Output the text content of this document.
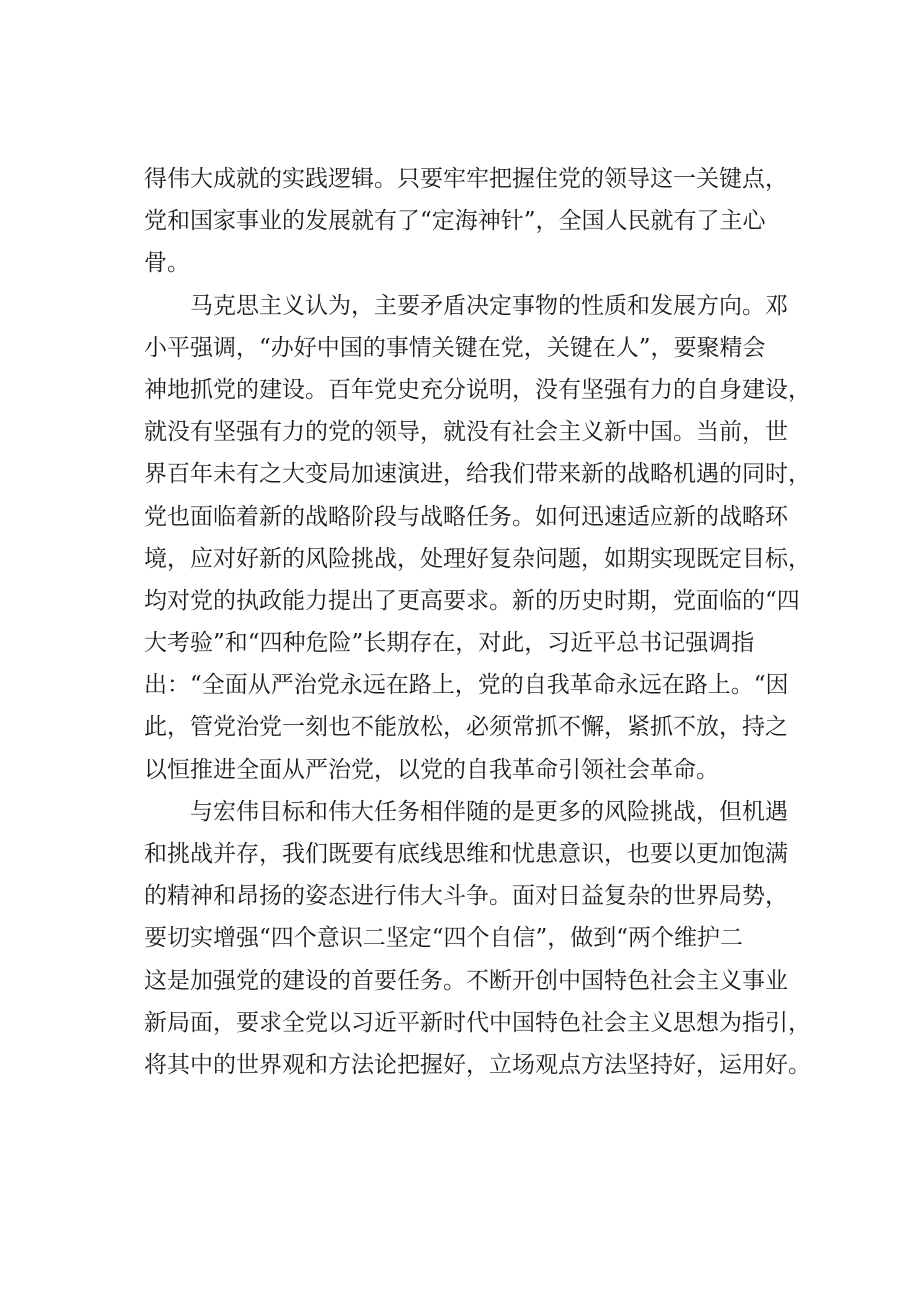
得伟大成就的实践逻辑。只要牢牢把握住党的领导这一关键点，
党和国家事业的发展就有了“定海神针”，全国人民就有了主心
骨。
马克思主义认为，主要矛盾决定事物的性质和发展方向。邓
小平强调，“办好中国的事情关键在党，关键在人”，要聚精会
神地抓党的建设。百年党史充分说明，没有坚强有力的自身建设，
就没有坚强有力的党的领导，就没有社会主义新中国。当前，世
界百年未有之大变局加速演进，给我们带来新的战略机遇的同时，
党也面临着新的战略阶段与战略任务。如何迅速适应新的战略环
境，应对好新的风险挑战，处理好复杂问题，如期实现既定目标，
均对党的执政能力提出了更高要求。新的历史时期，党面临的“四
大考验”和“四种危险”长期存在，对此，习近平总书记强调指
出：“全面从严治党永远在路上，党的自我革命永远在路上。“因
此，管党治党一刻也不能放松，必须常抓不懈，紧抓不放，持之
以恒推进全面从严治党，以党的自我革命引领社会革命。
与宏伟目标和伟大任务相伴随的是更多的风险挑战，但机遇
和挑战并存，我们既要有底线思维和忧患意识，也要以更加饱满
的精神和昂扬的姿态进行伟大斗争。面对日益复杂的世界局势，
要切实增强“四个意识二坚定“四个自信”，做到“两个维护二
这是加强党的建设的首要任务。不断开创中国特色社会主义事业
新局面，要求全党以习近平新时代中国特色社会主义思想为指引，
将其中的世界观和方法论把握好，立场观点方法坚持好，运用好。
